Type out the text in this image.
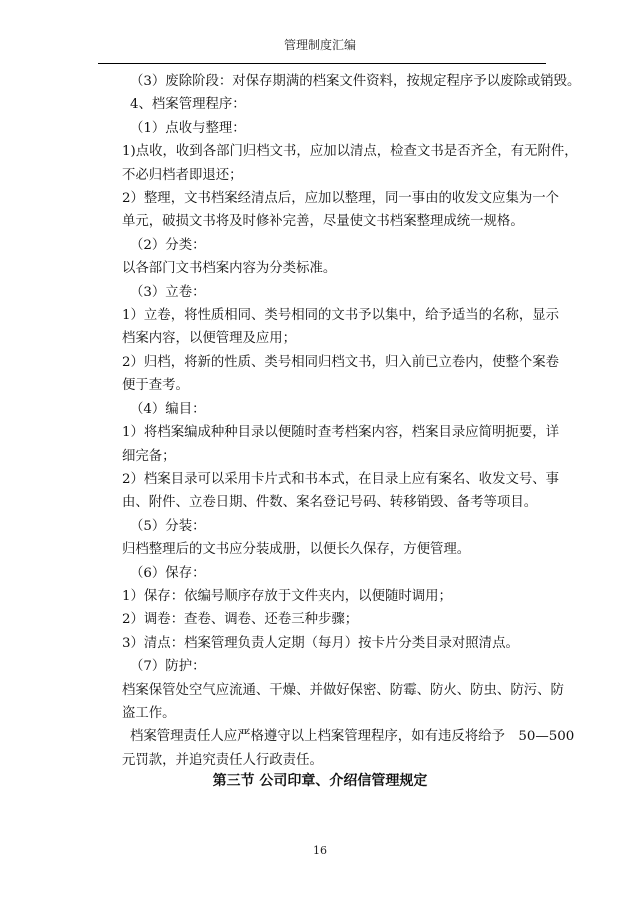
管理制度汇编

（3）废除阶段：对保存期满的档案文件资料，按规定程序予以废除或销毁。

4、档案管理程序：

（1）点收与整理：

1)点收，收到各部门归档文书，应加以清点，检查文书是否齐全，有无附件，

不必归档者即退还；

2）整理，文书档案经清点后，应加以整理，同一事由的收发文应集为一个

单元，破损文书将及时修补完善，尽量使文书档案整理成统一规格。

（2）分类：

以各部门文书档案内容为分类标准。

（3）立卷：

1）立卷，将性质相同、类号相同的文书予以集中，给予适当的名称，显示

档案内容，以便管理及应用；

2）归档，将新的性质、类号相同归档文书，归入前已立卷内，使整个案卷

便于查考。

（4）编目：

1）将档案编成种种目录以便随时查考档案内容，档案目录应简明扼要，详

细完备；

2）档案目录可以采用卡片式和书本式，在目录上应有案名、收发文号、事

由、附件、立卷日期、件数、案名登记号码、转移销毁、备考等项目。

（5）分装：

归档整理后的文书应分装成册，以便长久保存，方便管理。

（6）保存：

1）保存：依编号顺序存放于文件夹内，以便随时调用；

2）调卷：查卷、调卷、还卷三种步骤；

3）清点：档案管理负责人定期（每月）按卡片分类目录对照清点。

（7）防护：

档案保管处空气应流通、干燥、并做好保密、防霉、防火、防虫、防污、防

盗工作。

档案管理责任人应严格遵守以上档案管理程序，如有违反将给予　50—500

元罚款，并追究责任人行政责任。

第三节 公司印章、介绍信管理规定
16
